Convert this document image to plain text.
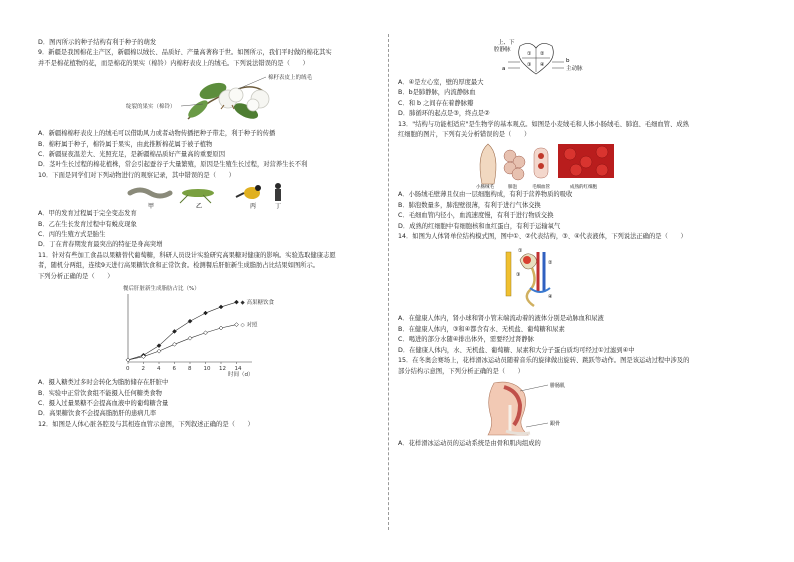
D．图丙所示的种子结构有利于种子的萌发

9．新疆是我国棉花主产区，新疆棉以绒长、品质好、产量高著称于世。如图所示，我们平时做的棉花其实

并不是棉花植物的花，而是棉花的果实（棉铃）内棉籽表皮上的绒毛。下列说法错误的是（　　）

棉籽表皮上的绒毛
绽裂的果实（棉铃）

A．新疆棉棉籽表皮上的绒毛可以借助风力或者动物传播把种子带走，利于种子的传播

B．棉籽属于种子，棉铃属于果实，由此推断棉花属于被子植物

C．新疆昼夜温差大、光照充足，是新疆棉品质好产量高的重要原因

D．茎叶生长过程的棉花植株，常会引起蚕谷子大量繁殖，原因是生殖生长过程，对营养生长不利

10．下面是同学们对下列动物进行的观察记录，其中错误的是（　　）

甲	乙	丙	丁

A．甲的发育过程属于完全变态发育

B．乙在生长发育过程中有蜕皮现象

C．丙的生殖方式是胎生

D．丁在青春期发育最突出的特征是身高突增

11．针对有些加工食品以果糖替代葡萄糖，科研人员设计实验研究高果糖对健康的影响。实验选取健康志愿

者，随机分两组，连续9天进行高果糖饮食和正常饮食。检测餐后肝脏新生成脂肪占比结果如图所示。

下列分析正确的是（　　）

餐后肝脏新生成脂肪占比（%）
0 2 4 6 8 10 12 14
◆ 高果糖饮食
◇ 对照
时间（d）

A．摄入糖类过多时会转化为脂肪储存在肝脏中

B．实验中正常饮食组不能摄入任何糖类食物

C．摄入过量果糖不会提高血液中的葡萄糖含量

D．高果糖饮食不会提高脂肪肝的患病几率

12．如图是人体心脏各腔及与其相连血管示意图，下列叙述正确的是（　　）

上、下
腔静脉
① ②
③ ④
a
b
主动脉

A．④是左心室，壁的厚度最大

B．b是肺静脉，内流静脉血

C．和 b 之间存在着静脉瓣

D．肺循环的起点是③，终点是②

13．"结构与功能相适应"是生物学的基本观点。如图是小麦绒毛和人体小肠绒毛、肺泡、毛细血管、成熟

红细胞的图片，下列有关分析错误的是（　　）

小肠绒毛	肺泡	毛细血管	成熟的红细胞

A．小肠绒毛壁薄且仅由一层细胞构成，有利于营养物质的吸收

B．肺泡数量多，肺泡壁很薄，有利于进行气体交换

C．毛细血管内径小，血流速度慢，有利于进行物质交换

D．成熟的红细胞中有细胞核和血红蛋白，有利于运输氧气

14．如图为人体肾单位结构模式图，图中①、②代表结构，③、④代表液体，下列说法正确的是（　　）

①
②
③
④

A．在健康人体内，肾小球和肾小管末端流动着的液体分别是动脉血和尿液

B．在健康人体内，③和④都含有水、无机盐、葡萄糖和尿素

C．喝进的部分水随④排出体外，需要经过肾静脉

D．在健康人体内，水、无机盐、葡萄糖、尿素和大分子蛋白质均可经过①过滤到④中

15．在冬奥会赛场上，花样滑冰运动员随着音乐的旋律做出旋转、跳跃等动作。图是该运动过程中涉及的

部分结构示意图，下列分析正确的是（　　）

腓肠肌
跟骨

A．花样滑冰运动员的运动系统是由骨和肌肉组成的
